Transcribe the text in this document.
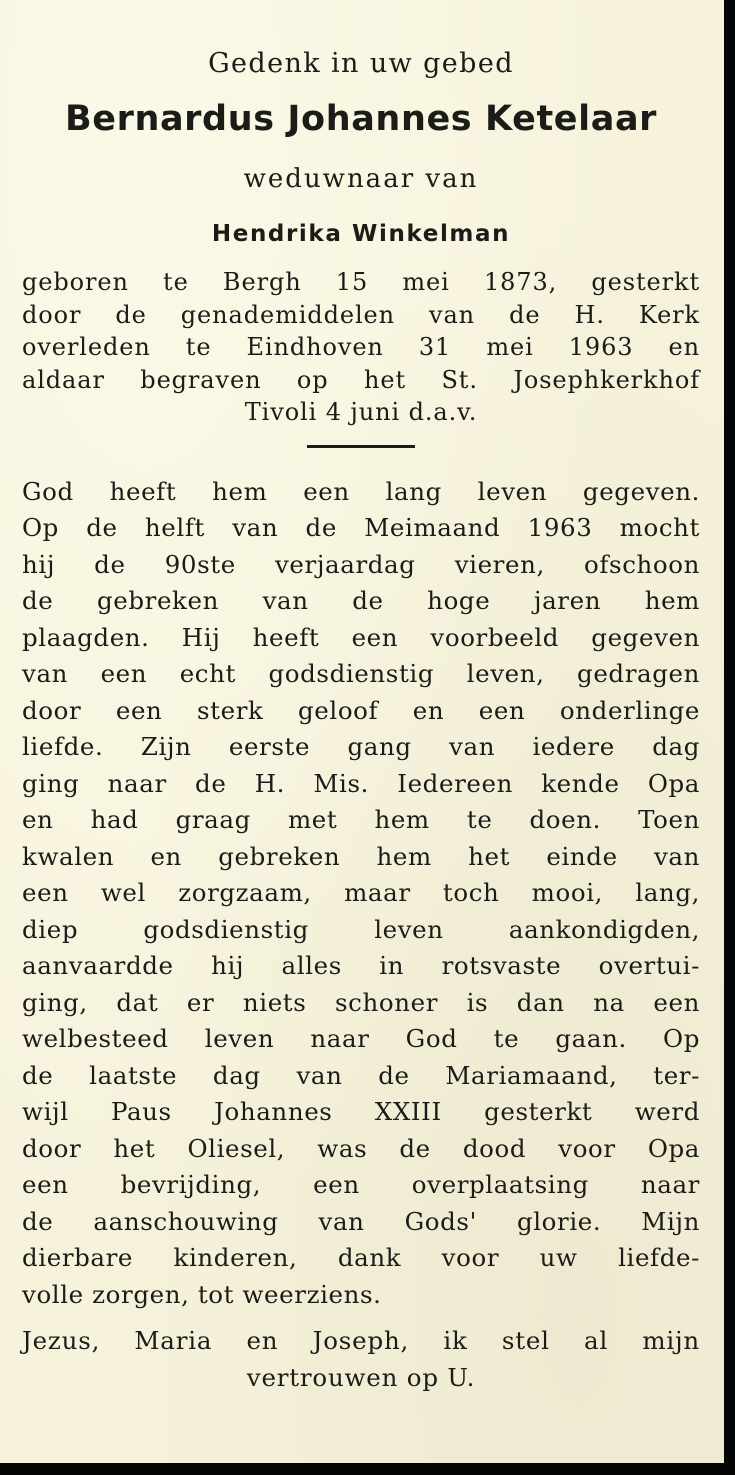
Gedenk in uw gebed

Bernardus Johannes Ketelaar

weduwnaar van

Hendrika Winkelman

geboren te Bergh 15 mei 1873, gesterkt
door de genademiddelen van de H. Kerk
overleden te Eindhoven 31 mei 1963 en
aldaar begraven op het St. Josephkerkhof
Tivoli 4 juni d.a.v.
God heeft hem een lang leven gegeven.
Op de helft van de Meimaand 1963 mocht
hij de 90ste verjaardag vieren, ofschoon
de gebreken van de hoge jaren hem
plaagden. Hij heeft een voorbeeld gegeven
van een echt godsdienstig leven, gedragen
door een sterk geloof en een onderlinge
liefde. Zijn eerste gang van iedere dag
ging naar de H. Mis. Iedereen kende Opa
en had graag met hem te doen. Toen
kwalen en gebreken hem het einde van
een wel zorgzaam, maar toch mooi, lang,
diep godsdienstig leven aankondigden,
aanvaardde hij alles in rotsvaste overtui-
ging, dat er niets schoner is dan na een
welbesteed leven naar God te gaan. Op
de laatste dag van de Mariamaand, ter-
wijl Paus Johannes XXIII gesterkt werd
door het Oliesel, was de dood voor Opa
een bevrijding, een overplaatsing naar
de aanschouwing van Gods' glorie. Mijn
dierbare kinderen, dank voor uw liefde-
volle zorgen, tot weerziens.
Jezus, Maria en Joseph, ik stel al mijn
vertrouwen op U.
